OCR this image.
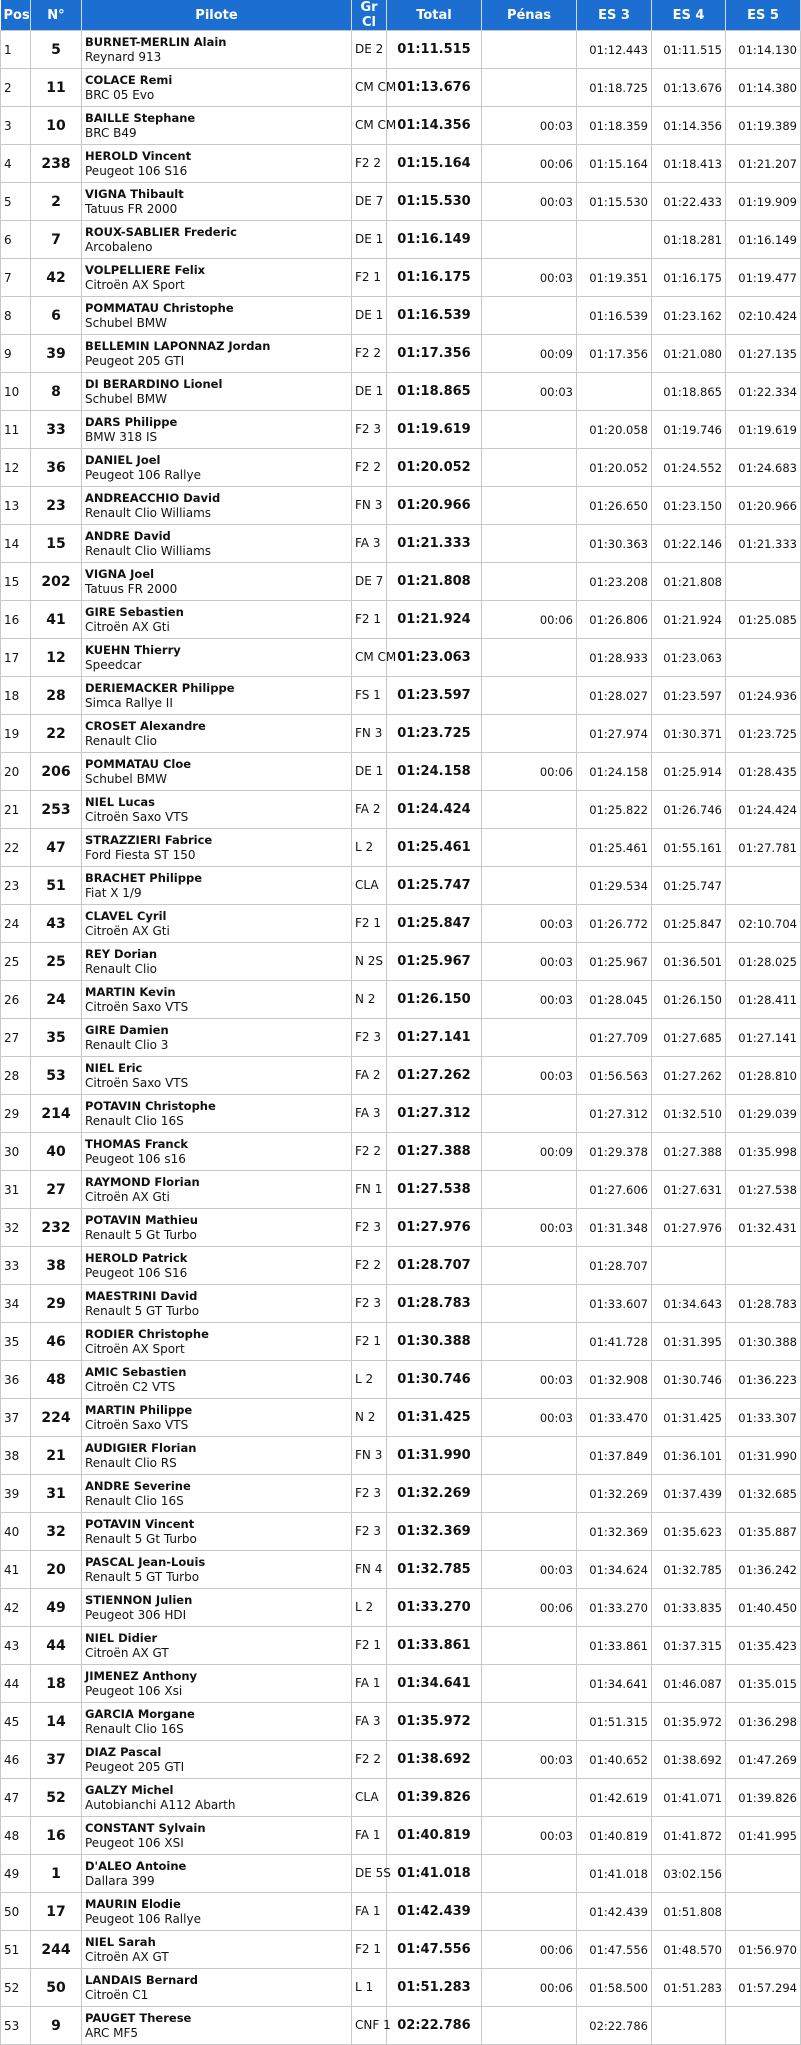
Pos	N°	Pilote	Gr Cl	Total	Pénas	ES 3	ES 4	ES 5
1	5	BURNET-MERLIN Alain
Reynard 913	DE 2	01:11.515		01:12.443	01:11.515	01:14.130
2	11	COLACE Remi
BRC 05 Evo	CM CM	01:13.676		01:18.725	01:13.676	01:14.380
3	10	BAILLE Stephane
BRC B49	CM CM	01:14.356	00:03	01:18.359	01:14.356	01:19.389
4	238	HEROLD Vincent
Peugeot 106 S16	F2 2	01:15.164	00:06	01:15.164	01:18.413	01:21.207
5	2	VIGNA Thibault
Tatuus FR 2000	DE 7	01:15.530	00:03	01:15.530	01:22.433	01:19.909
6	7	ROUX-SABLIER Frederic
Arcobaleno	DE 1	01:16.149			01:18.281	01:16.149
7	42	VOLPELLIERE Felix
Citroën AX Sport	F2 1	01:16.175	00:03	01:19.351	01:16.175	01:19.477
8	6	POMMATAU Christophe
Schubel BMW	DE 1	01:16.539		01:16.539	01:23.162	02:10.424
9	39	BELLEMIN LAPONNAZ Jordan
Peugeot 205 GTI	F2 2	01:17.356	00:09	01:17.356	01:21.080	01:27.135
10	8	DI BERARDINO Lionel
Schubel BMW	DE 1	01:18.865	00:03		01:18.865	01:22.334
11	33	DARS Philippe
BMW 318 IS	F2 3	01:19.619		01:20.058	01:19.746	01:19.619
12	36	DANIEL Joel
Peugeot 106 Rallye	F2 2	01:20.052		01:20.052	01:24.552	01:24.683
13	23	ANDREACCHIO David
Renault Clio Williams	FN 3	01:20.966		01:26.650	01:23.150	01:20.966
14	15	ANDRE David
Renault Clio Williams	FA 3	01:21.333		01:30.363	01:22.146	01:21.333
15	202	VIGNA Joel
Tatuus FR 2000	DE 7	01:21.808		01:23.208	01:21.808	
16	41	GIRE Sebastien
Citroën AX Gti	F2 1	01:21.924	00:06	01:26.806	01:21.924	01:25.085
17	12	KUEHN Thierry
Speedcar	CM CM	01:23.063		01:28.933	01:23.063	
18	28	DERIEMACKER Philippe
Simca Rallye II	FS 1	01:23.597		01:28.027	01:23.597	01:24.936
19	22	CROSET Alexandre
Renault Clio	FN 3	01:23.725		01:27.974	01:30.371	01:23.725
20	206	POMMATAU Cloe
Schubel BMW	DE 1	01:24.158	00:06	01:24.158	01:25.914	01:28.435
21	253	NIEL Lucas
Citroën Saxo VTS	FA 2	01:24.424		01:25.822	01:26.746	01:24.424
22	47	STRAZZIERI Fabrice
Ford Fiesta ST 150	L 2	01:25.461		01:25.461	01:55.161	01:27.781
23	51	BRACHET Philippe
Fiat X 1/9	CLA	01:25.747		01:29.534	01:25.747	
24	43	CLAVEL Cyril
Citroën AX Gti	F2 1	01:25.847	00:03	01:26.772	01:25.847	02:10.704
25	25	REY Dorian
Renault Clio	N 2S	01:25.967	00:03	01:25.967	01:36.501	01:28.025
26	24	MARTIN Kevin
Citroën Saxo VTS	N 2	01:26.150	00:03	01:28.045	01:26.150	01:28.411
27	35	GIRE Damien
Renault Clio 3	F2 3	01:27.141		01:27.709	01:27.685	01:27.141
28	53	NIEL Eric
Citroën Saxo VTS	FA 2	01:27.262	00:03	01:56.563	01:27.262	01:28.810
29	214	POTAVIN Christophe
Renault Clio 16S	FA 3	01:27.312		01:27.312	01:32.510	01:29.039
30	40	THOMAS Franck
Peugeot 106 s16	F2 2	01:27.388	00:09	01:29.378	01:27.388	01:35.998
31	27	RAYMOND Florian
Citroën AX Gti	FN 1	01:27.538		01:27.606	01:27.631	01:27.538
32	232	POTAVIN Mathieu
Renault 5 Gt Turbo	F2 3	01:27.976	00:03	01:31.348	01:27.976	01:32.431
33	38	HEROLD Patrick
Peugeot 106 S16	F2 2	01:28.707		01:28.707		
34	29	MAESTRINI David
Renault 5 GT Turbo	F2 3	01:28.783		01:33.607	01:34.643	01:28.783
35	46	RODIER Christophe
Citroën AX Sport	F2 1	01:30.388		01:41.728	01:31.395	01:30.388
36	48	AMIC Sebastien
Citroën C2 VTS	L 2	01:30.746	00:03	01:32.908	01:30.746	01:36.223
37	224	MARTIN Philippe
Citroën Saxo VTS	N 2	01:31.425	00:03	01:33.470	01:31.425	01:33.307
38	21	AUDIGIER Florian
Renault Clio RS	FN 3	01:31.990		01:37.849	01:36.101	01:31.990
39	31	ANDRE Severine
Renault Clio 16S	F2 3	01:32.269		01:32.269	01:37.439	01:32.685
40	32	POTAVIN Vincent
Renault 5 Gt Turbo	F2 3	01:32.369		01:32.369	01:35.623	01:35.887
41	20	PASCAL Jean-Louis
Renault 5 GT Turbo	FN 4	01:32.785	00:03	01:34.624	01:32.785	01:36.242
42	49	STIENNON Julien
Peugeot 306 HDI	L 2	01:33.270	00:06	01:33.270	01:33.835	01:40.450
43	44	NIEL Didier
Citroën AX GT	F2 1	01:33.861		01:33.861	01:37.315	01:35.423
44	18	JIMENEZ Anthony
Peugeot 106 Xsi	FA 1	01:34.641		01:34.641	01:46.087	01:35.015
45	14	GARCIA Morgane
Renault Clio 16S	FA 3	01:35.972		01:51.315	01:35.972	01:36.298
46	37	DIAZ Pascal
Peugeot 205 GTI	F2 2	01:38.692	00:03	01:40.652	01:38.692	01:47.269
47	52	GALZY Michel
Autobianchi A112 Abarth	CLA	01:39.826		01:42.619	01:41.071	01:39.826
48	16	CONSTANT Sylvain
Peugeot 106 XSI	FA 1	01:40.819	00:03	01:40.819	01:41.872	01:41.995
49	1	D'ALEO Antoine
Dallara 399	DE 5S	01:41.018		01:41.018	03:02.156	
50	17	MAURIN Elodie
Peugeot 106 Rallye	FA 1	01:42.439		01:42.439	01:51.808	
51	244	NIEL Sarah
Citroën AX GT	F2 1	01:47.556	00:06	01:47.556	01:48.570	01:56.970
52	50	LANDAIS Bernard
Citroën C1	L 1	01:51.283	00:06	01:58.500	01:51.283	01:57.294
53	9	PAUGET Therese
ARC MF5	CNF 1	02:22.786		02:22.786		
